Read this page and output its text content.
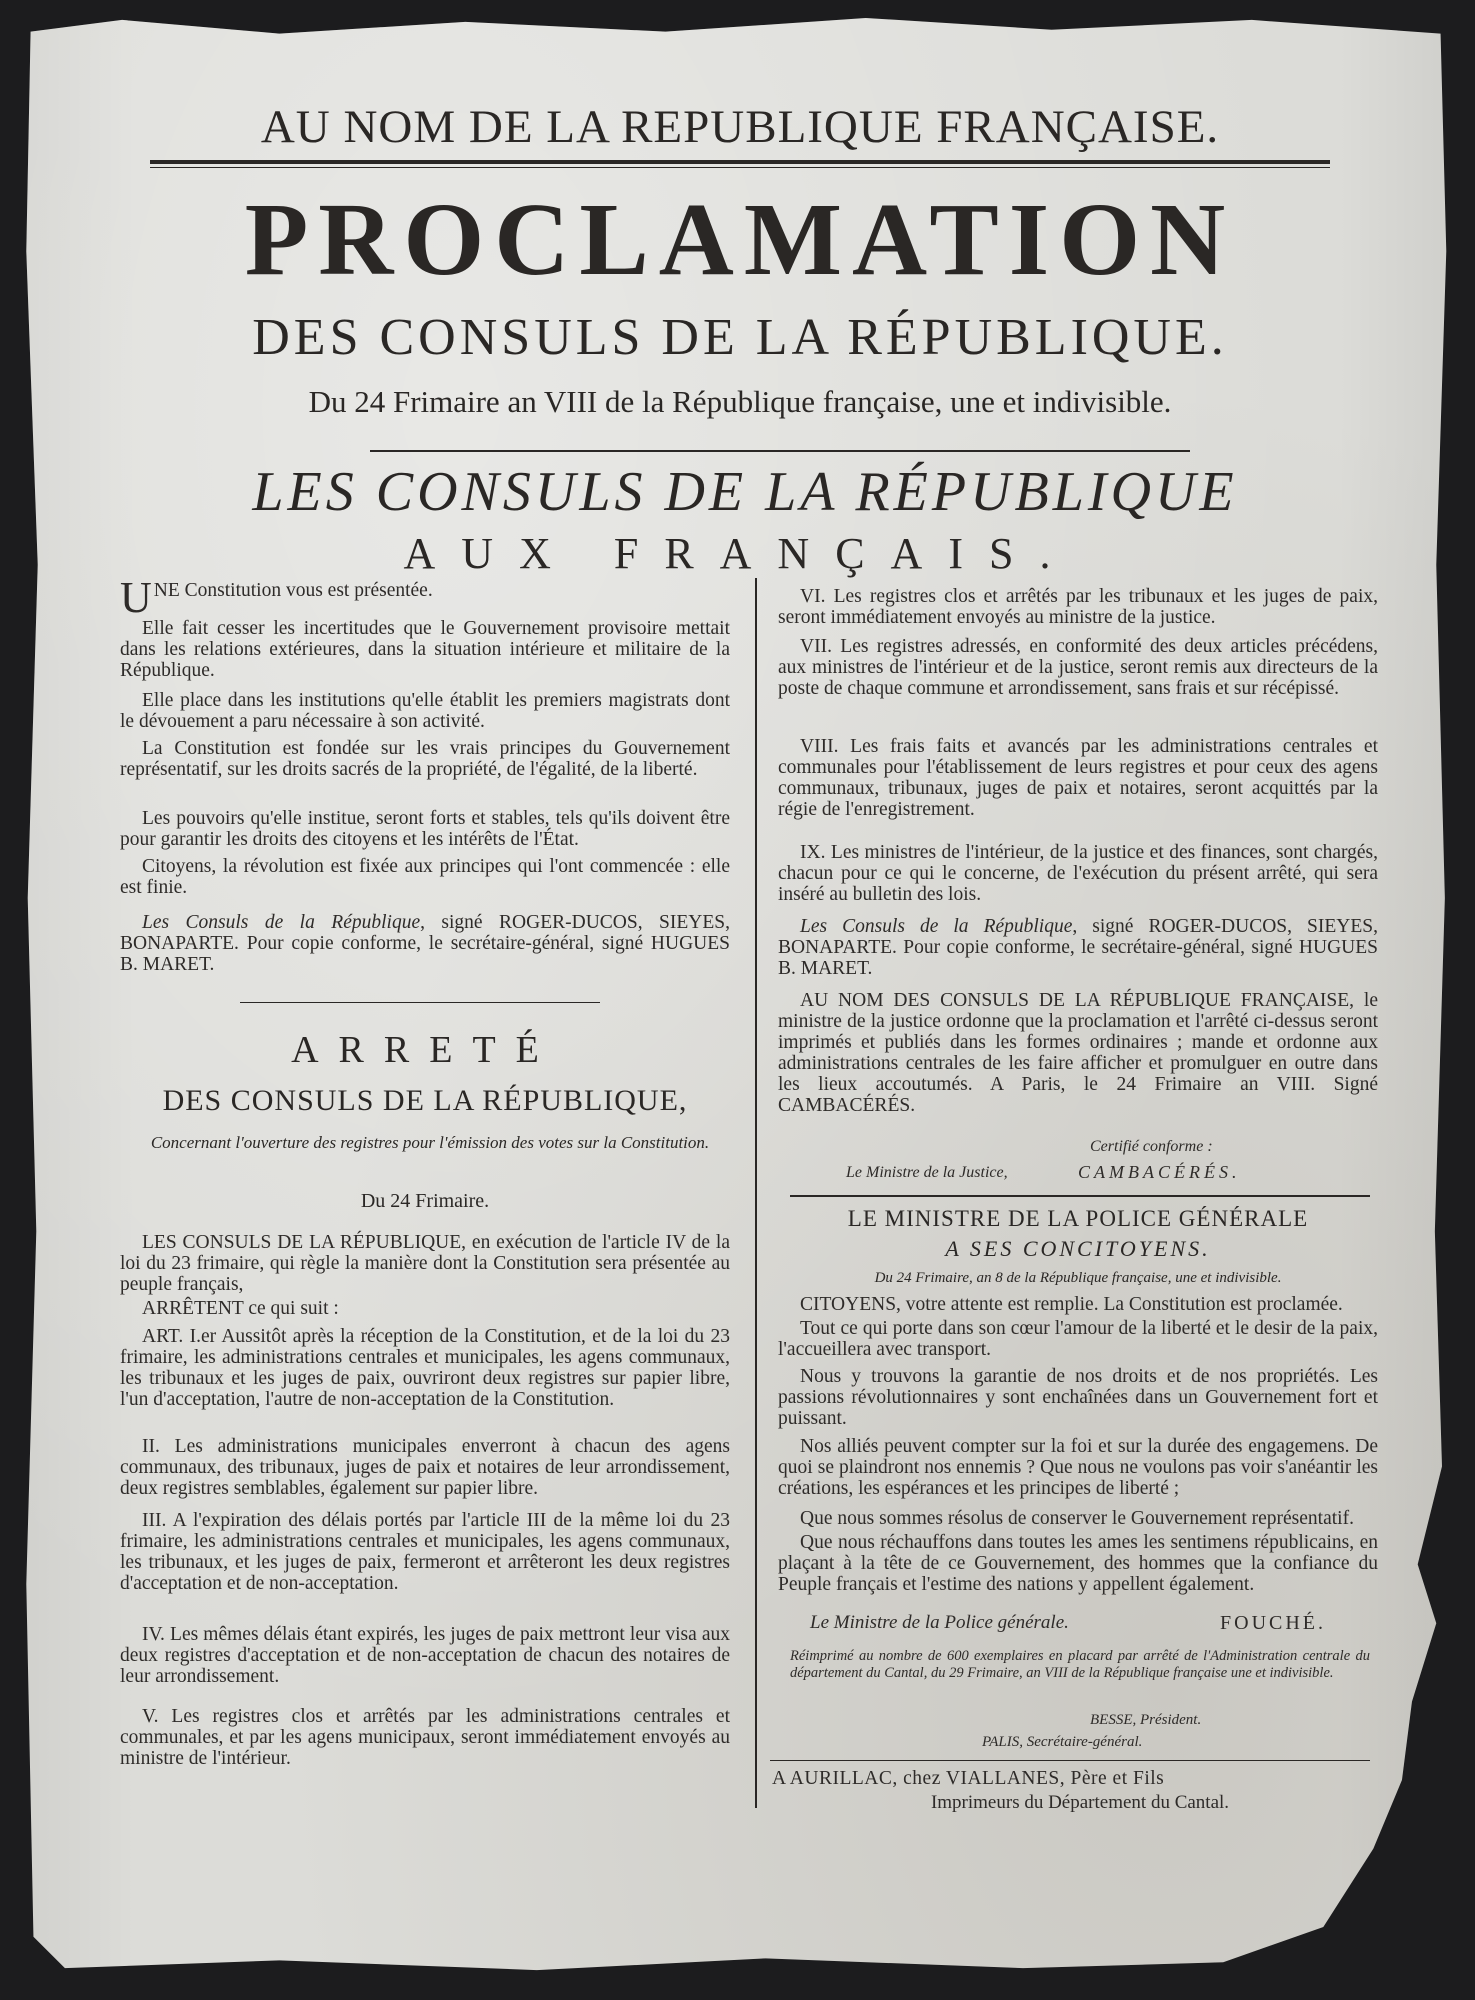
AU NOM DE LA REPUBLIQUE FRANÇAISE.
PROCLAMATION
DES CONSULS DE LA RÉPUBLIQUE.
Du 24 Frimaire an VIII de la République française, une et indivisible.
LES CONSULS DE LA RÉPUBLIQUE
AUX FRANÇAIS.

UNE Constitution vous est présentée.

Elle fait cesser les incertitudes que le Gouvernement provisoire mettait dans les relations extérieures, dans la situation intérieure et militaire de la République.

Elle place dans les institutions qu'elle établit les premiers magistrats dont le dévouement a paru nécessaire à son activité.

La Constitution est fondée sur les vrais principes du Gouvernement représentatif, sur les droits sacrés de la propriété, de l'égalité, de la liberté.

Les pouvoirs qu'elle institue, seront forts et stables, tels qu'ils doivent être pour garantir les droits des citoyens et les intérêts de l'État.

Citoyens, la révolution est fixée aux principes qui l'ont commencée : elle est finie.

Les Consuls de la République, signé ROGER-DUCOS, SIEYES, BONAPARTE. Pour copie conforme, le secrétaire-général, signé HUGUES B. MARET.

ARRETÉ
DES CONSULS DE LA RÉPUBLIQUE,
Concernant l'ouverture des registres pour l'émission des votes sur la Constitution.
Du 24 Frimaire.

LES CONSULS DE LA RÉPUBLIQUE, en exécution de l'article IV de la loi du 23 frimaire, qui règle la manière dont la Constitution sera présentée au peuple français,

ARRÊTENT ce qui suit :

ART. I.er Aussitôt après la réception de la Constitution, et de la loi du 23 frimaire, les administrations centrales et municipales, les agens communaux, les tribunaux et les juges de paix, ouvriront deux registres sur papier libre, l'un d'acceptation, l'autre de non-acceptation de la Constitution.

II. Les administrations municipales enverront à chacun des agens communaux, des tribunaux, juges de paix et notaires de leur arrondissement, deux registres semblables, également sur papier libre.

III. A l'expiration des délais portés par l'article III de la même loi du 23 frimaire, les administrations centrales et municipales, les agens communaux, les tribunaux, et les juges de paix, fermeront et arrêteront les deux registres d'acceptation et de non-acceptation.

IV. Les mêmes délais étant expirés, les juges de paix mettront leur visa aux deux registres d'acceptation et de non-acceptation de chacun des notaires de leur arrondissement.

V. Les registres clos et arrêtés par les administrations centrales et communales, et par les agens municipaux, seront immédiatement envoyés au ministre de l'intérieur.

VI. Les registres clos et arrêtés par les tribunaux et les juges de paix, seront immédiatement envoyés au ministre de la justice.

VII. Les registres adressés, en conformité des deux articles précédens, aux ministres de l'intérieur et de la justice, seront remis aux directeurs de la poste de chaque commune et arrondissement, sans frais et sur récépissé.

VIII. Les frais faits et avancés par les administrations centrales et communales pour l'établissement de leurs registres et pour ceux des agens communaux, tribunaux, juges de paix et notaires, seront acquittés par la régie de l'enregistrement.

IX. Les ministres de l'intérieur, de la justice et des finances, sont chargés, chacun pour ce qui le concerne, de l'exécution du présent arrêté, qui sera inséré au bulletin des lois.

Les Consuls de la République, signé ROGER-DUCOS, SIEYES, BONAPARTE. Pour copie conforme, le secrétaire-général, signé HUGUES B. MARET.

AU NOM DES CONSULS DE LA RÉPUBLIQUE FRANÇAISE, le ministre de la justice ordonne que la proclamation et l'arrêté ci-dessus seront imprimés et publiés dans les formes ordinaires ; mande et ordonne aux administrations centrales de les faire afficher et promulguer en outre dans les lieux accoutumés. A Paris, le 24 Frimaire an VIII. Signé CAMBACÉRÉS.

Certifié conforme :
Le Ministre de la Justice,	CAMBACÉRÉS.
LE MINISTRE DE LA POLICE GÉNÉRALE
A SES CONCITOYENS.
Du 24 Frimaire, an 8 de la République française, une et indivisible.

CITOYENS, votre attente est remplie. La Constitution est proclamée.

Tout ce qui porte dans son cœur l'amour de la liberté et le desir de la paix, l'accueillera avec transport.

Nous y trouvons la garantie de nos droits et de nos propriétés. Les passions révolutionnaires y sont enchaînées dans un Gouvernement fort et puissant.

Nos alliés peuvent compter sur la foi et sur la durée des engagemens. De quoi se plaindront nos ennemis ? Que nous ne voulons pas voir s'anéantir les créations, les espérances et les principes de liberté ;

Que nous sommes résolus de conserver le Gouvernement représentatif.

Que nous réchauffons dans toutes les ames les sentimens républicains, en plaçant à la tête de ce Gouvernement, des hommes que la confiance du Peuple français et l'estime des nations y appellent également.

Le Ministre de la Police générale.	FOUCHÉ.

Réimprimé au nombre de 600 exemplaires en placard par arrêté de l'Administration centrale du département du Cantal, du 29 Frimaire, an VIII de la République française une et indivisible.

BESSE, Président.
PALIS, Secrétaire-général.
A AURILLAC, chez VIALLANES, Père et Fils
Imprimeurs du Département du Cantal.
